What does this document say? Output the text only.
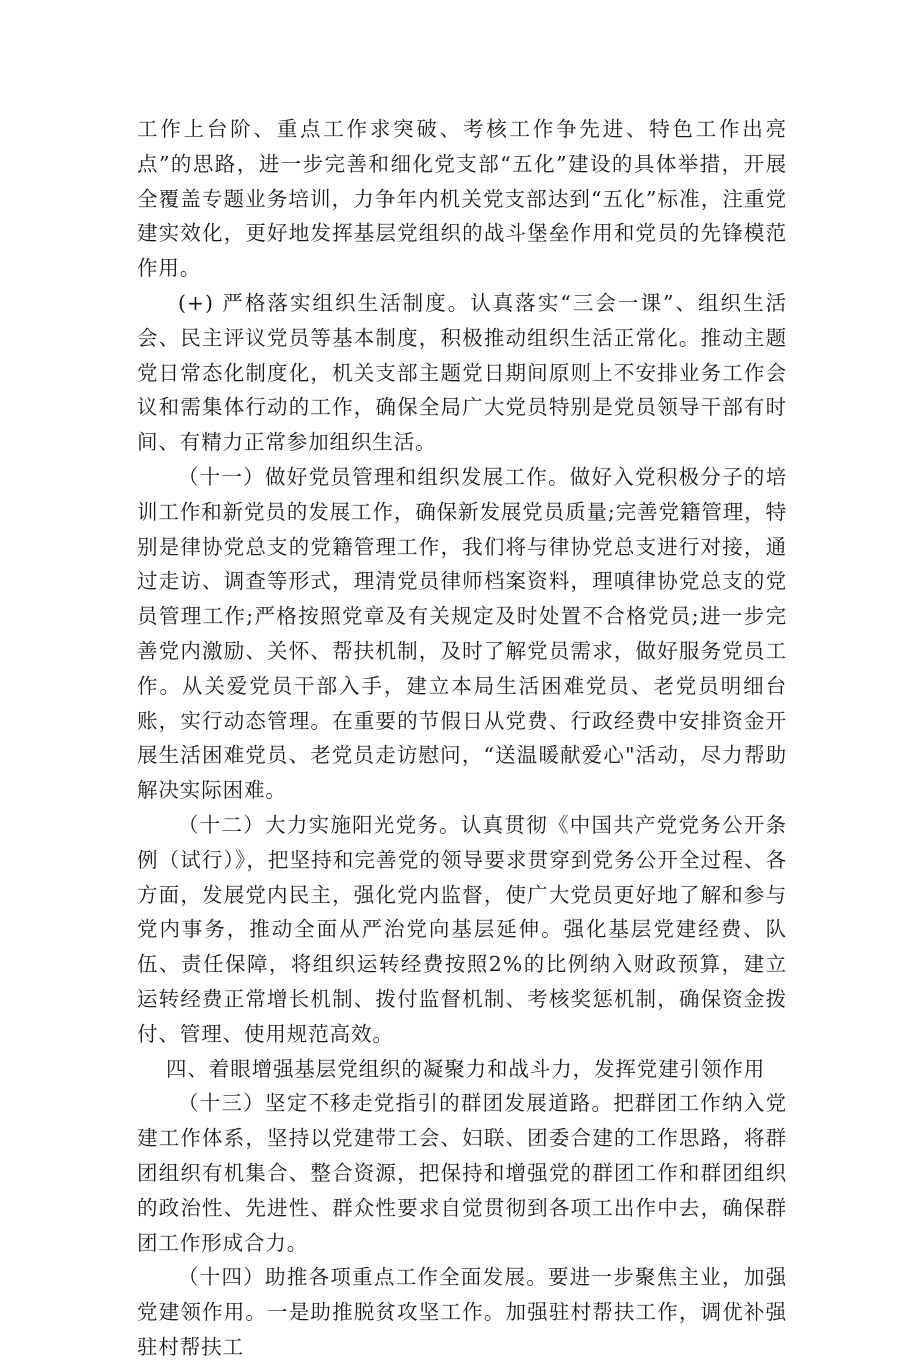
工作上台阶、重点工作求突破、考核工作争先进、特色工作出亮点”的思路，进一步完善和细化党支部“五化”建设的具体举措，开展全覆盖专题业务培训，力争年内机关党支部达到“五化”标准，注重党建实效化，更好地发挥基层党组织的战斗堡垒作用和党员的先锋模范作用。

(+) 严格落实组织生活制度。认真落实“三会一课”、组织生活会、民主评议党员等基本制度，积极推动组织生活正常化。推动主题党日常态化制度化，机关支部主题党日期间原则上不安排业务工作会议和需集体行动的工作，确保全局广大党员特别是党员领导干部有时间、有精力正常参加组织生活。

（十一）做好党员管理和组织发展工作。做好入党积极分子的培训工作和新党员的发展工作，确保新发展党员质量;完善党籍管理，特别是律协党总支的党籍管理工作，我们将与律协党总支进行对接，通过走访、调查等形式，理清党员律师档案资料，理嗔律协党总支的党员管理工作;严格按照党章及有关规定及时处置不合格党员;进一步完善党内激励、关怀、帮扶机制，及时了解党员需求，做好服务党员工作。从关爱党员干部入手，建立本局生活困难党员、老党员明细台账，实行动态管理。在重要的节假日从党费、行政经费中安排资金开展生活困难党员、老党员走访慰问，“送温暖献爱心"活动，尽力帮助解决实际困难。

（十二）大力实施阳光党务。认真贯彻《中国共产党党务公开条例（试行）》，把坚持和完善党的领导要求贯穿到党务公开全过程、各方面，发展党内民主，强化党内监督，使广大党员更好地了解和参与党内事务，推动全面从严治党向基层延伸。强化基层党建经费、队伍、责任保障，将组织运转经费按照2%的比例纳入财政预算，建立运转经费正常增长机制、拨付监督机制、考核奖惩机制，确保资金拨付、管理、使用规范高效。

四、着眼增强基层党组织的凝聚力和战斗力，发挥党建引领作用

（十三）坚定不移走党指引的群团发展道路。把群团工作纳入党建工作体系，坚持以党建带工会、妇联、团委合建的工作思路，将群团组织有机集合、整合资源，把保持和增强党的群团工作和群团组织的政治性、先进性、群众性要求自觉贯彻到各项工出作中去，确保群团工作形成合力。

（十四）助推各项重点工作全面发展。要进一步聚焦主业，加强党建领作用。一是助推脱贫攻坚工作。加强驻村帮扶工作，调优补强驻村帮扶工
